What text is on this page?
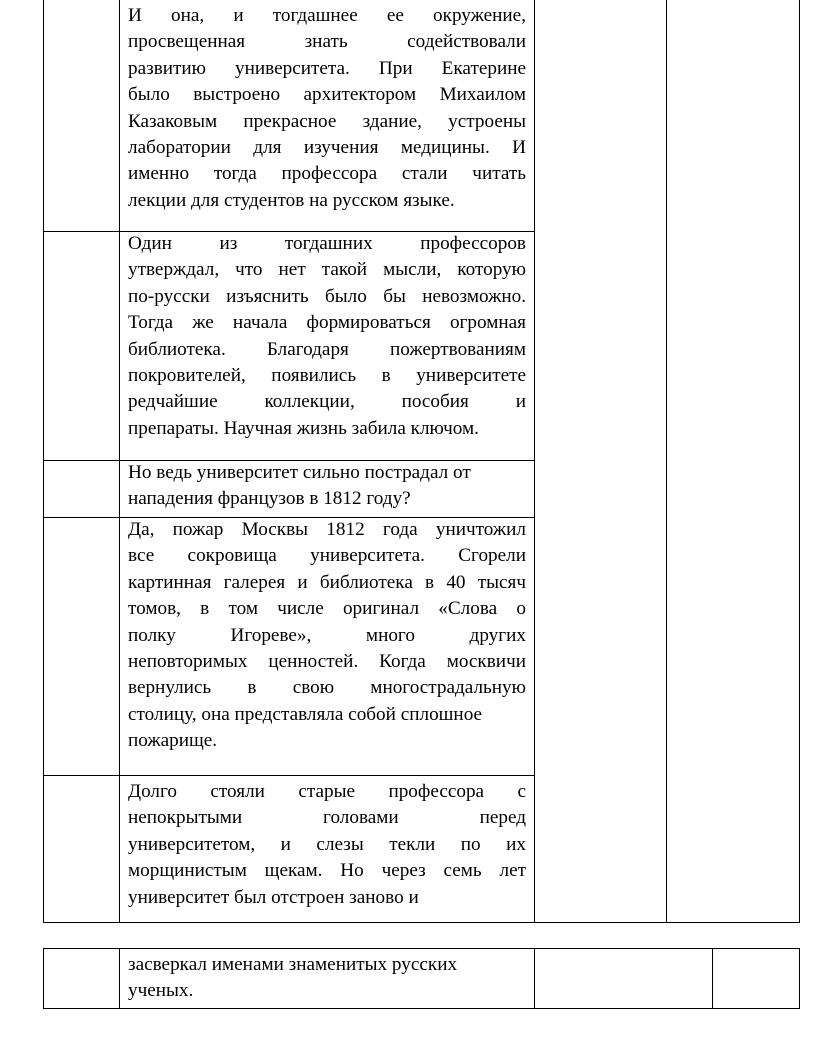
И она, и тогдашнее ее окружение,
просвещенная знать содействовали
развитию университета. При Екатерине
было выстроено архитектором Михаилом
Казаковым прекрасное здание, устроены
лаборатории для изучения медицины. И
именно тогда профессора стали читать
лекции для студентов на русском языке.
Один из тогдашних профессоров
утверждал, что нет такой мысли, которую
по-русски изъяснить было бы невозможно.
Тогда же начала формироваться огромная
библиотека. Благодаря пожертвованиям
покровителей, появились в университете
редчайшие коллекции, пособия и
препараты. Научная жизнь забила ключом.
Но ведь университет сильно пострадал от
нападения французов в 1812 году?
Да, пожар Москвы 1812 года уничтожил
все сокровища университета. Сгорели
картинная галерея и библиотека в 40 тысяч
томов, в том числе оригинал «Слова о
полку Игореве», много других
неповторимых ценностей. Когда москвичи
вернулись в свою многострадальную
столицу, она представляла собой сплошное
пожарище.
Долго стояли старые профессора с
непокрытыми головами перед
университетом, и слезы текли по их
морщинистым щекам. Но через семь лет
университет был отстроен заново и
засверкал именами знаменитых русских
ученых.
